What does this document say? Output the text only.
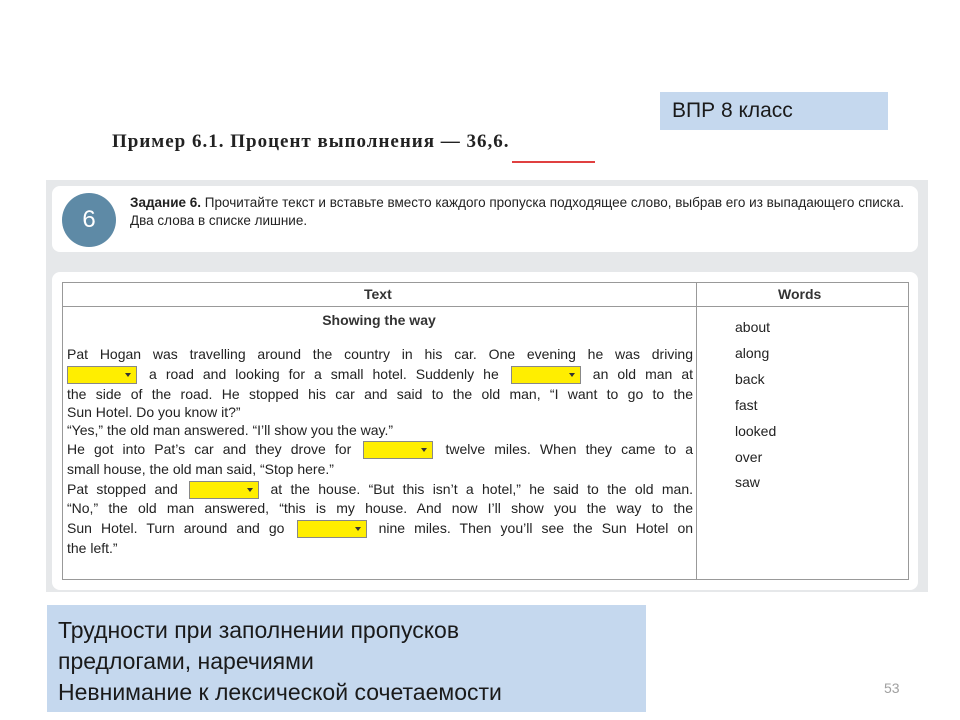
ВПР 8 класс
Пример 6.1. Процент выполнения — 36,6.
6
Задание 6. Прочитайте текст и вставьте вместо каждого пропуска подходящее слово, выбрав его из выпадающего списка. Два слова в списке лишние.
Text	Words
Showing the way
Pat Hogan was travelling around the country in his car. One evening he was driving
a road and looking for a small hotel. Suddenly he	an old man at
the side of the road. He stopped his car and said to the old man, “I want to go to the
Sun Hotel. Do you know it?”
“Yes,” the old man answered. “I’ll show you the way.”
He got into Pat’s car and they drove for	twelve miles. When they came to a
small house, the old man said, “Stop here.”
Pat stopped and	at the house. “But this isn’t a hotel,” he said to the old man.
“No,” the old man answered, “this is my house. And now I’ll show you the way to the
Sun Hotel. Turn around and go	nine miles. Then you’ll see the Sun Hotel on
the left.”
about
along
back
fast
looked
over
saw
Трудности при заполнении пропусков
предлогами, наречиями
Невнимание к лексической сочетаемости	53
